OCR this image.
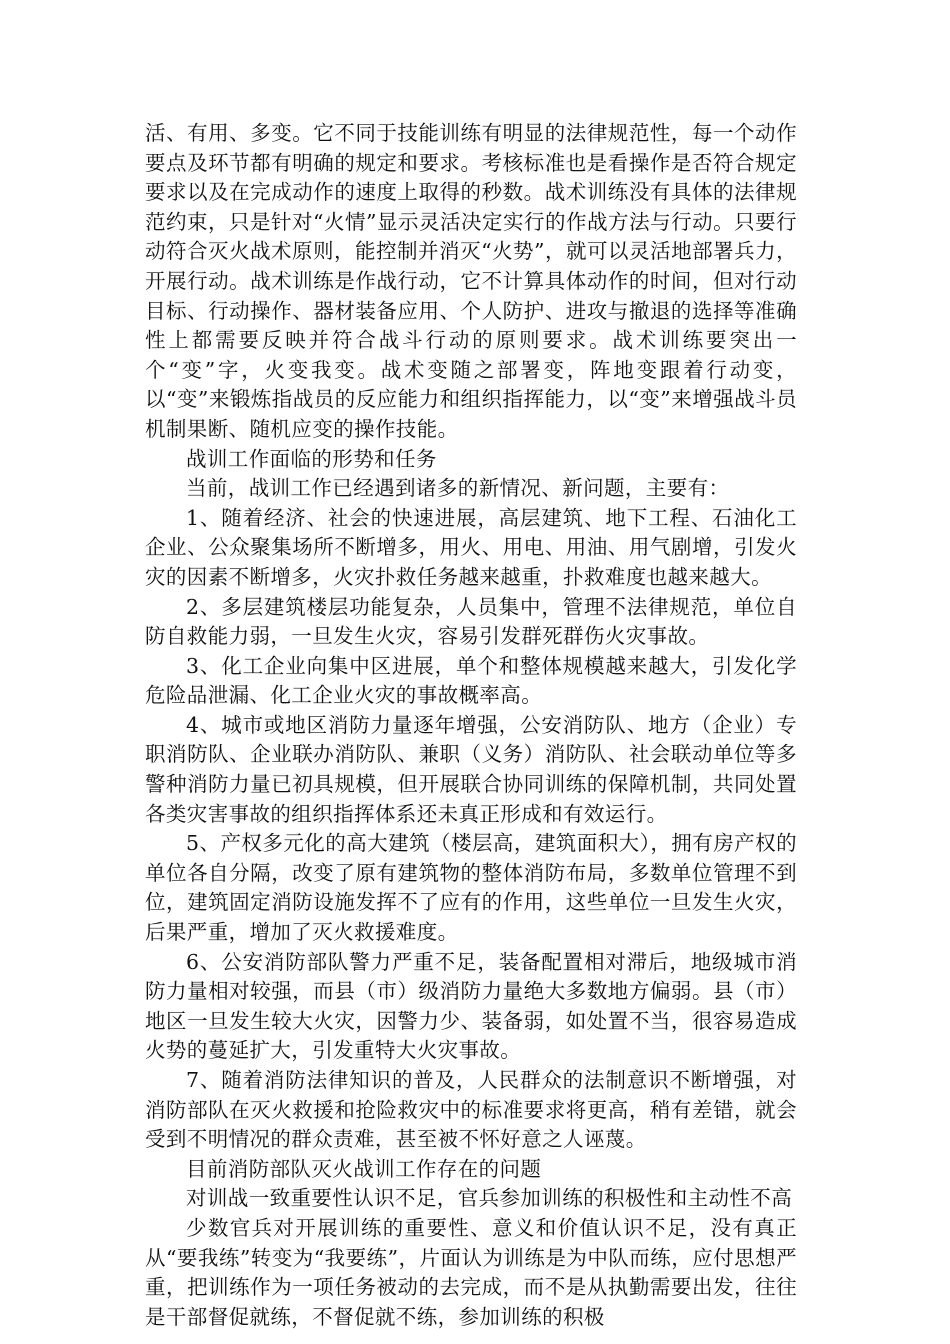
活、有用、多变。它不同于技能训练有明显的法律规范性，每一个动作要点及环节都有明确的规定和要求。考核标准也是看操作是否符合规定要求以及在完成动作的速度上取得的秒数。战术训练没有具体的法律规范约束，只是针对“火情”显示灵活决定实行的作战方法与行动。只要行动符合灭火战术原则，能控制并消灭“火势”，就可以灵活地部署兵力，开展行动。战术训练是作战行动，它不计算具体动作的时间，但对行动目标、行动操作、器材装备应用、个人防护、进攻与撤退的选择等准确性上都需要反映并符合战斗行动的原则要求。战术训练要突出一个“变”字，火变我变。战术变随之部署变，阵地变跟着行动变，以“变”来锻炼指战员的反应能力和组织指挥能力，以“变”来增强战斗员机制果断、随机应变的操作技能。

战训工作面临的形势和任务

当前，战训工作已经遇到诸多的新情况、新问题，主要有：

1、随着经济、社会的快速进展，高层建筑、地下工程、石油化工企业、公众聚集场所不断增多，用火、用电、用油、用气剧增，引发火灾的因素不断增多，火灾扑救任务越来越重，扑救难度也越来越大。

2、多层建筑楼层功能复杂，人员集中，管理不法律规范，单位自防自救能力弱，一旦发生火灾，容易引发群死群伤火灾事故。

3、化工企业向集中区进展，单个和整体规模越来越大，引发化学危险品泄漏、化工企业火灾的事故概率高。

4、城市或地区消防力量逐年增强，公安消防队、地方（企业）专职消防队、企业联办消防队、兼职（义务）消防队、社会联动单位等多警种消防力量已初具规模，但开展联合协同训练的保障机制，共同处置各类灾害事故的组织指挥体系还未真正形成和有效运行。

5、产权多元化的高大建筑（楼层高，建筑面积大），拥有房产权的单位各自分隔，改变了原有建筑物的整体消防布局，多数单位管理不到位，建筑固定消防设施发挥不了应有的作用，这些单位一旦发生火灾，后果严重，增加了灭火救援难度。

6、公安消防部队警力严重不足，装备配置相对滞后，地级城市消防力量相对较强，而县（市）级消防力量绝大多数地方偏弱。县（市）地区一旦发生较大火灾，因警力少、装备弱，如处置不当，很容易造成火势的蔓延扩大，引发重特大火灾事故。

7、随着消防法律知识的普及，人民群众的法制意识不断增强，对消防部队在灭火救援和抢险救灾中的标准要求将更高，稍有差错，就会受到不明情况的群众责难，甚至被不怀好意之人诬蔑。

目前消防部队灭火战训工作存在的问题

对训战一致重要性认识不足，官兵参加训练的积极性和主动性不高

少数官兵对开展训练的重要性、意义和价值认识不足，没有真正从“要我练”转变为“我要练”，片面认为训练是为中队而练，应付思想严重，把训练作为一项任务被动的去完成，而不是从执勤需要出发，往往是干部督促就练，不督促就不练，参加训练的积极
